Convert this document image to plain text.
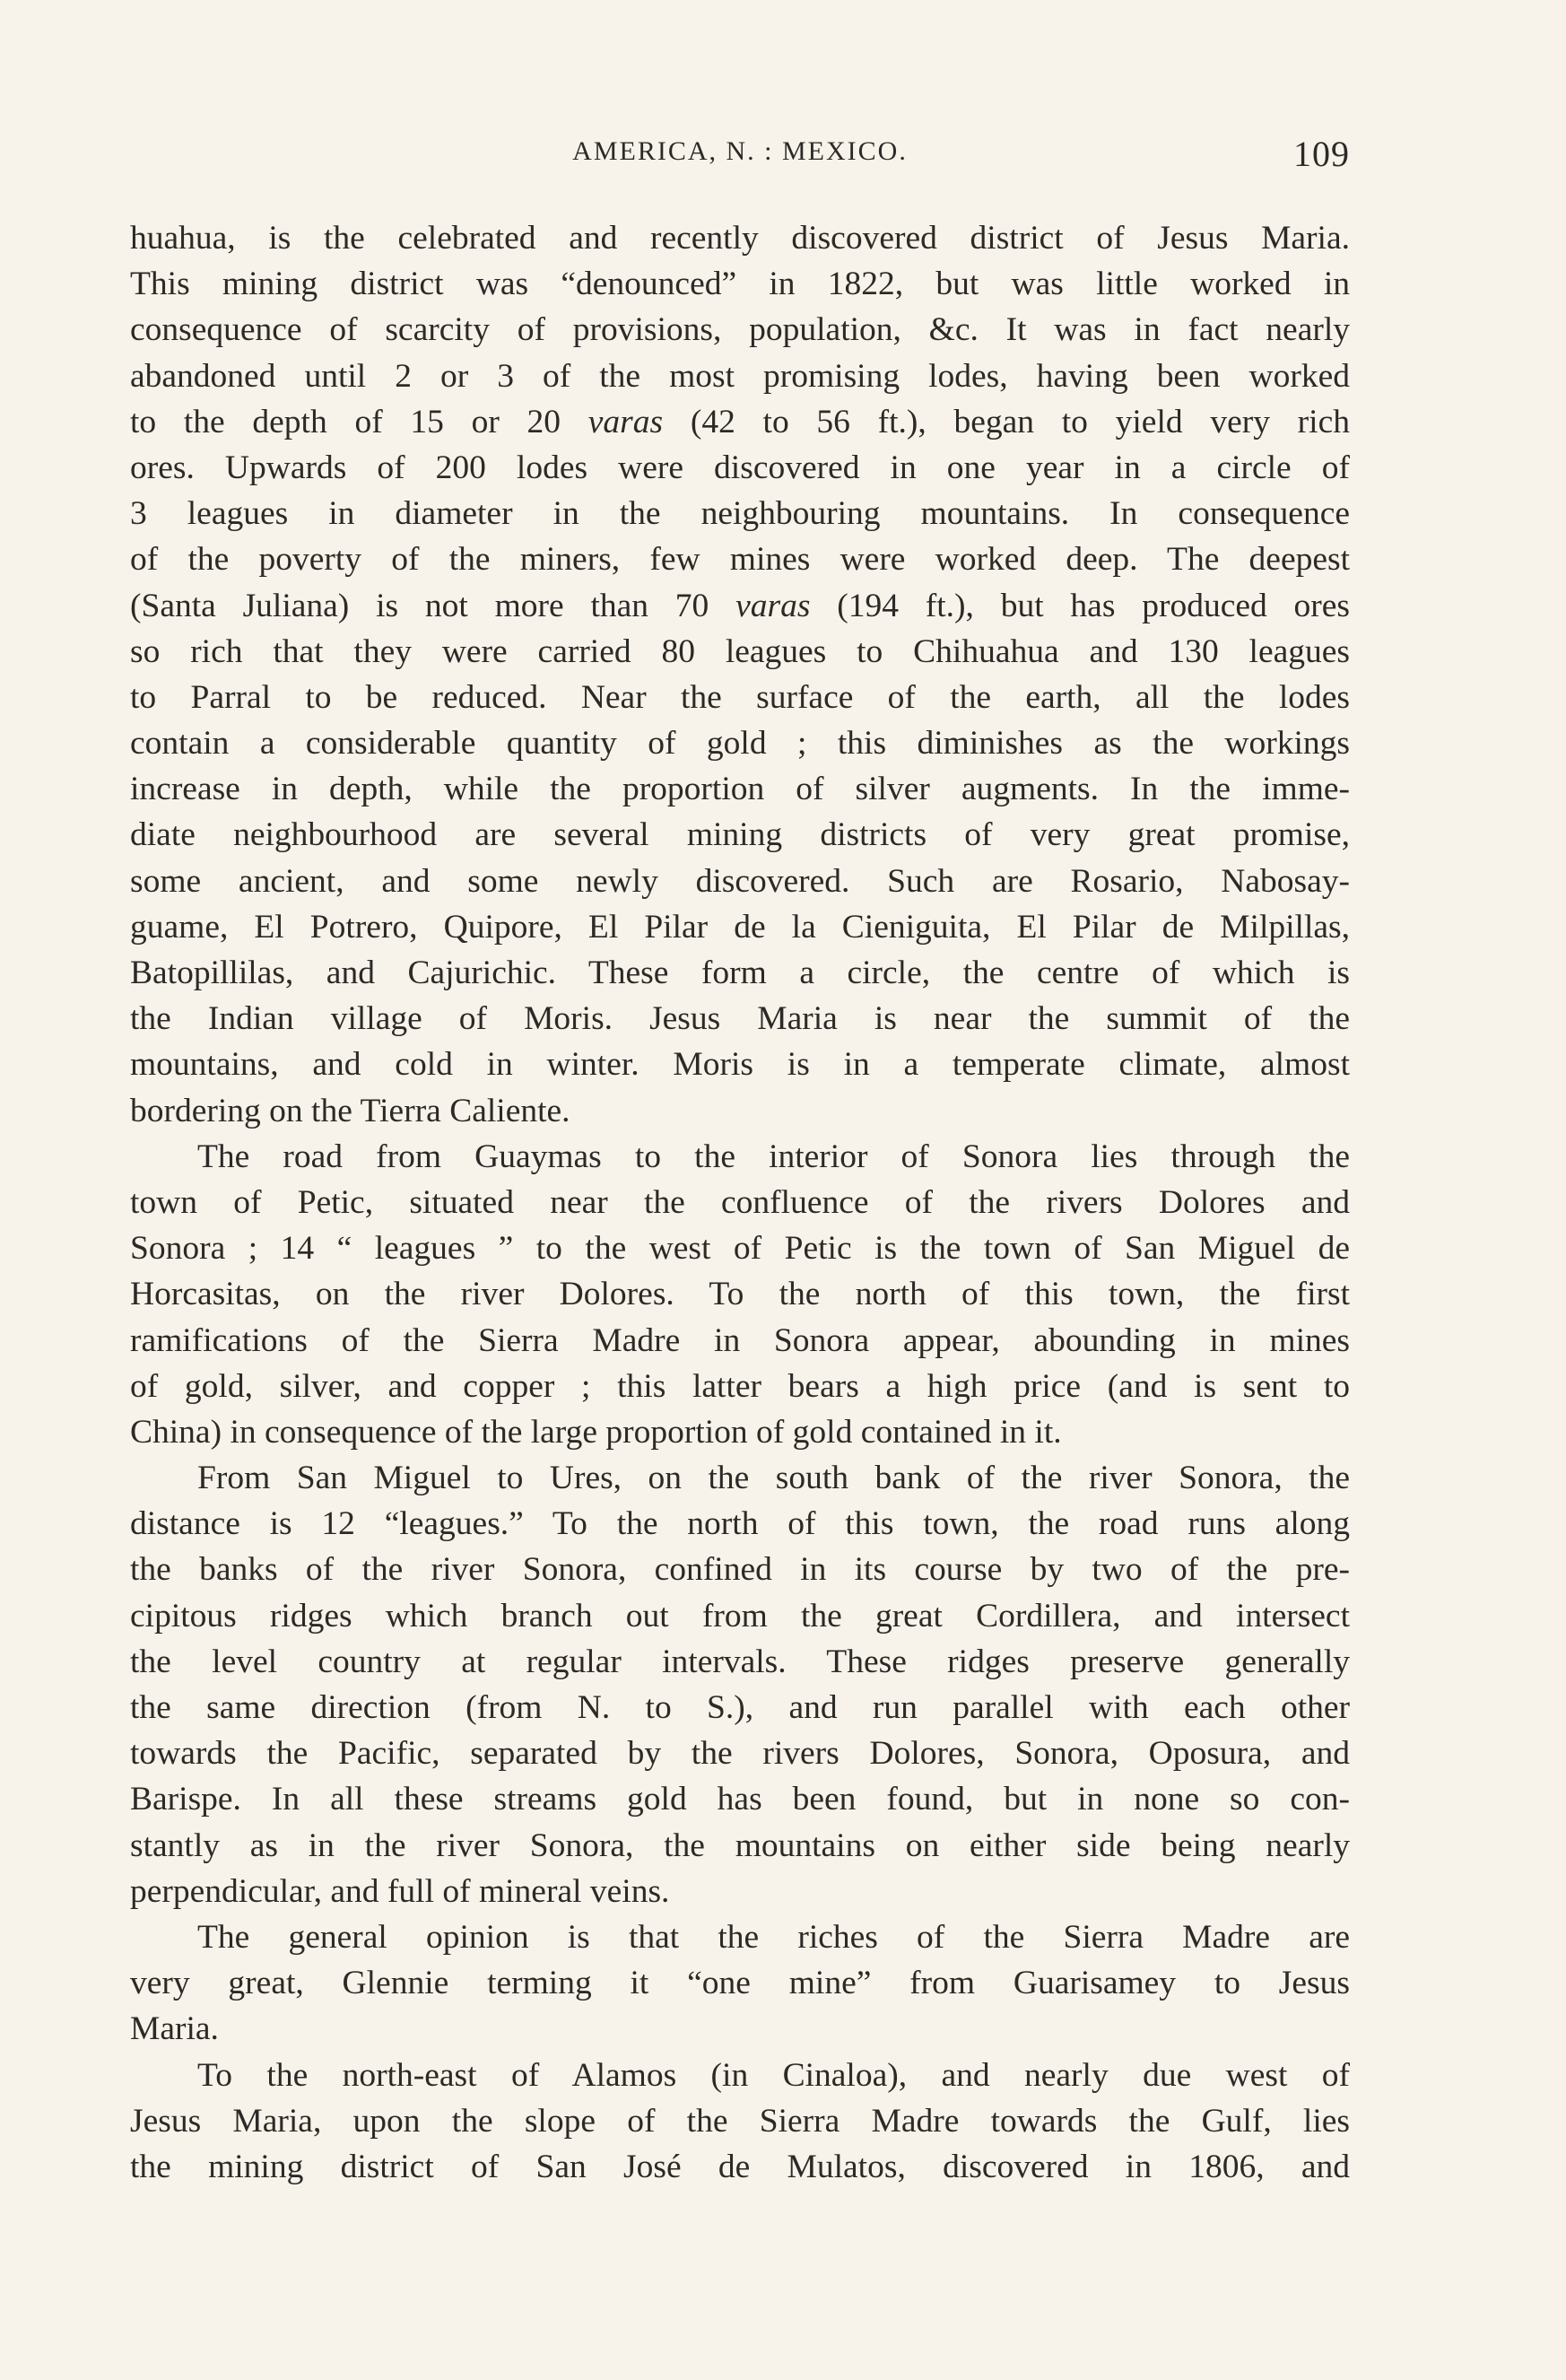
AMERICA, N. : MEXICO.	109
huahua, is the celebrated and recently discovered district of Jesus Maria.
This mining district was “denounced” in 1822, but was little worked in
consequence of scarcity of provisions, population, &c. It was in fact nearly
abandoned until 2 or 3 of the most promising lodes, having been worked
to the depth of 15 or 20 varas (42 to 56 ft.), began to yield very rich
ores. Upwards of 200 lodes were discovered in one year in a circle of
3 leagues in diameter in the neighbouring mountains. In consequence
of the poverty of the miners, few mines were worked deep. The deepest
(Santa Juliana) is not more than 70 varas (194 ft.), but has produced ores
so rich that they were carried 80 leagues to Chihuahua and 130 leagues
to Parral to be reduced. Near the surface of the earth, all the lodes
contain a considerable quantity of gold ; this diminishes as the workings
increase in depth, while the proportion of silver augments. In the imme-
diate neighbourhood are several mining districts of very great promise,
some ancient, and some newly discovered. Such are Rosario, Nabosay-
guame, El Potrero, Quipore, El Pilar de la Cieniguita, El Pilar de Milpillas,
Batopillilas, and Cajurichic. These form a circle, the centre of which is
the Indian village of Moris. Jesus Maria is near the summit of the
mountains, and cold in winter. Moris is in a temperate climate, almost
bordering on the Tierra Caliente.
The road from Guaymas to the interior of Sonora lies through the
town of Petic, situated near the confluence of the rivers Dolores and
Sonora ; 14 “ leagues ” to the west of Petic is the town of San Miguel de
Horcasitas, on the river Dolores. To the north of this town, the first
ramifications of the Sierra Madre in Sonora appear, abounding in mines
of gold, silver, and copper ; this latter bears a high price (and is sent to
China) in consequence of the large proportion of gold contained in it.
From San Miguel to Ures, on the south bank of the river Sonora, the
distance is 12 “leagues.” To the north of this town, the road runs along
the banks of the river Sonora, confined in its course by two of the pre-
cipitous ridges which branch out from the great Cordillera, and intersect
the level country at regular intervals. These ridges preserve generally
the same direction (from N. to S.), and run parallel with each other
towards the Pacific, separated by the rivers Dolores, Sonora, Oposura, and
Barispe. In all these streams gold has been found, but in none so con-
stantly as in the river Sonora, the mountains on either side being nearly
perpendicular, and full of mineral veins.
The general opinion is that the riches of the Sierra Madre are
very great, Glennie terming it “one mine” from Guarisamey to Jesus
Maria.
To the north-east of Alamos (in Cinaloa), and nearly due west of
Jesus Maria, upon the slope of the Sierra Madre towards the Gulf, lies
the mining district of San José de Mulatos, discovered in 1806, and
